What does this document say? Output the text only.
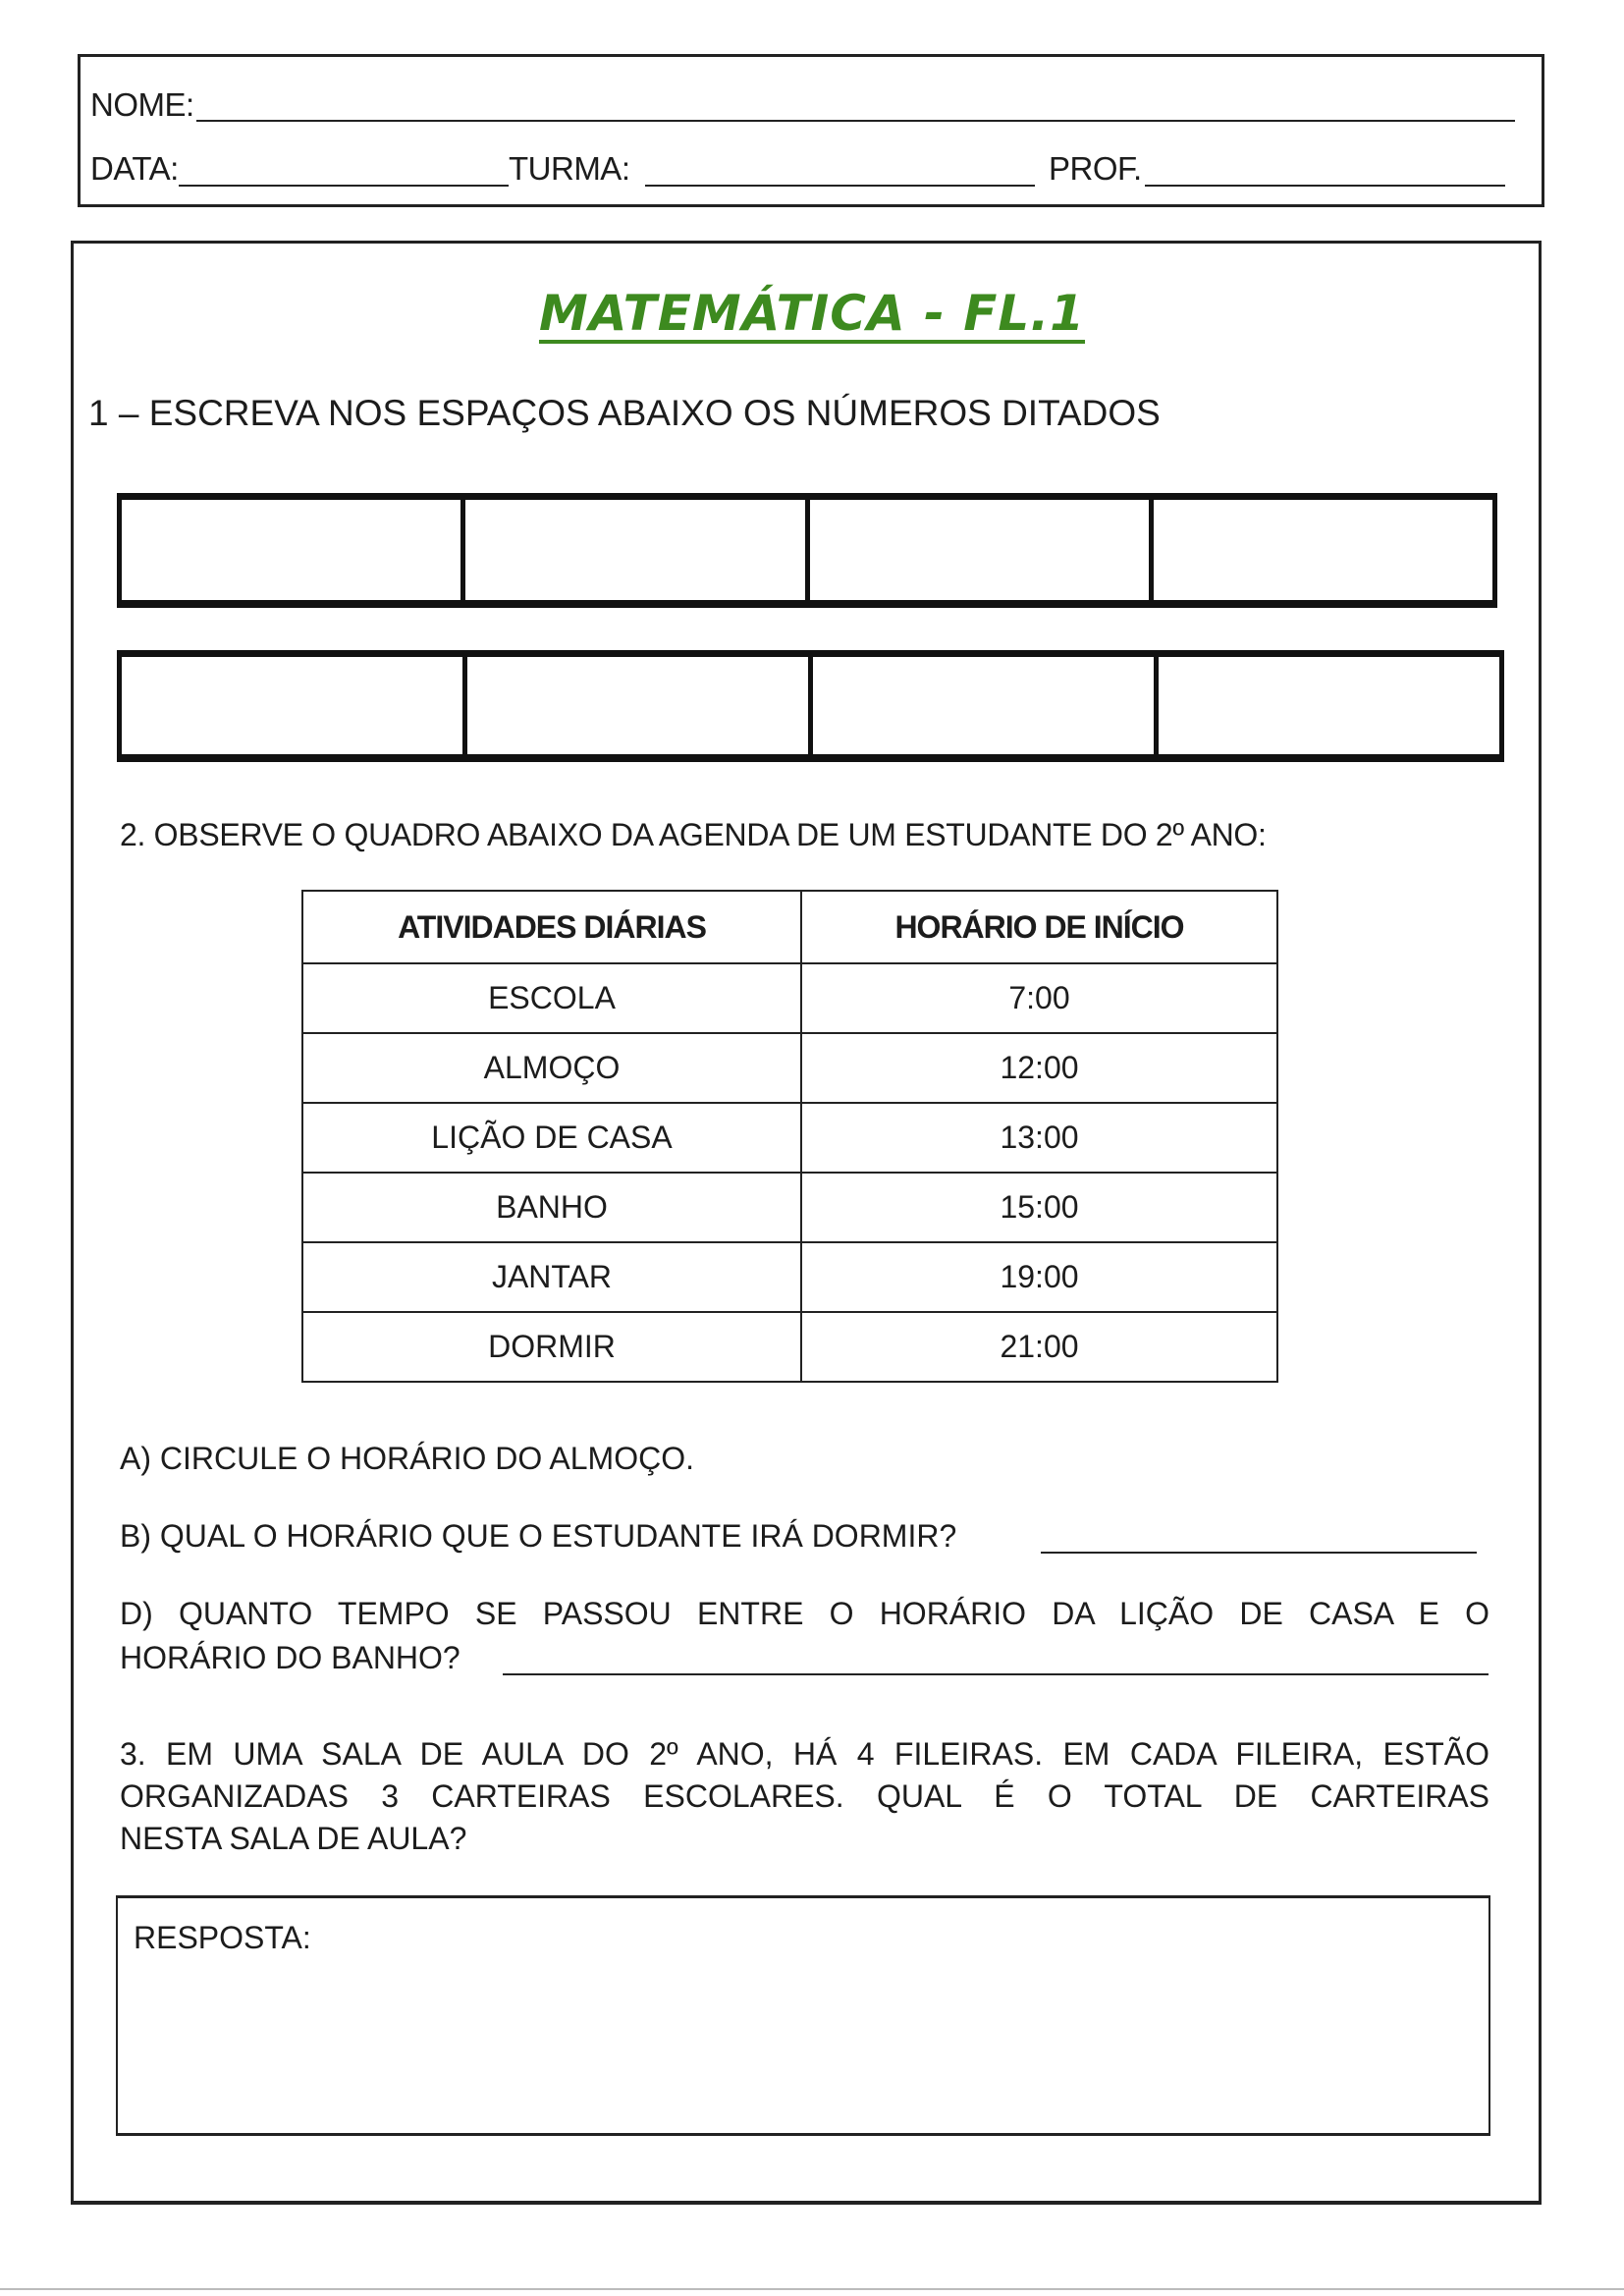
NOME:
DATA:	TURMA:	PROF.
MATEMÁTICA - FL.1
1 – ESCREVA NOS ESPAÇOS ABAIXO OS NÚMEROS DITADOS
2. OBSERVE O QUADRO ABAIXO DA AGENDA DE UM ESTUDANTE DO 2º ANO:
ATIVIDADES DIÁRIAS	HORÁRIO DE INÍCIO
ESCOLA	7:00
ALMOÇO	12:00
LIÇÃO DE CASA	13:00
BANHO	15:00
JANTAR	19:00
DORMIR	21:00
A) CIRCULE O HORÁRIO DO ALMOÇO.
B) QUAL O HORÁRIO QUE O ESTUDANTE IRÁ DORMIR?
D) QUANTO TEMPO SE PASSOU ENTRE O HORÁRIO DA LIÇÃO DE CASA E O
HORÁRIO DO BANHO?
3. EM UMA SALA DE AULA DO 2º ANO, HÁ 4 FILEIRAS. EM CADA FILEIRA, ESTÃO
ORGANIZADAS 3 CARTEIRAS ESCOLARES. QUAL É O TOTAL DE CARTEIRAS
NESTA SALA DE AULA?
RESPOSTA:
